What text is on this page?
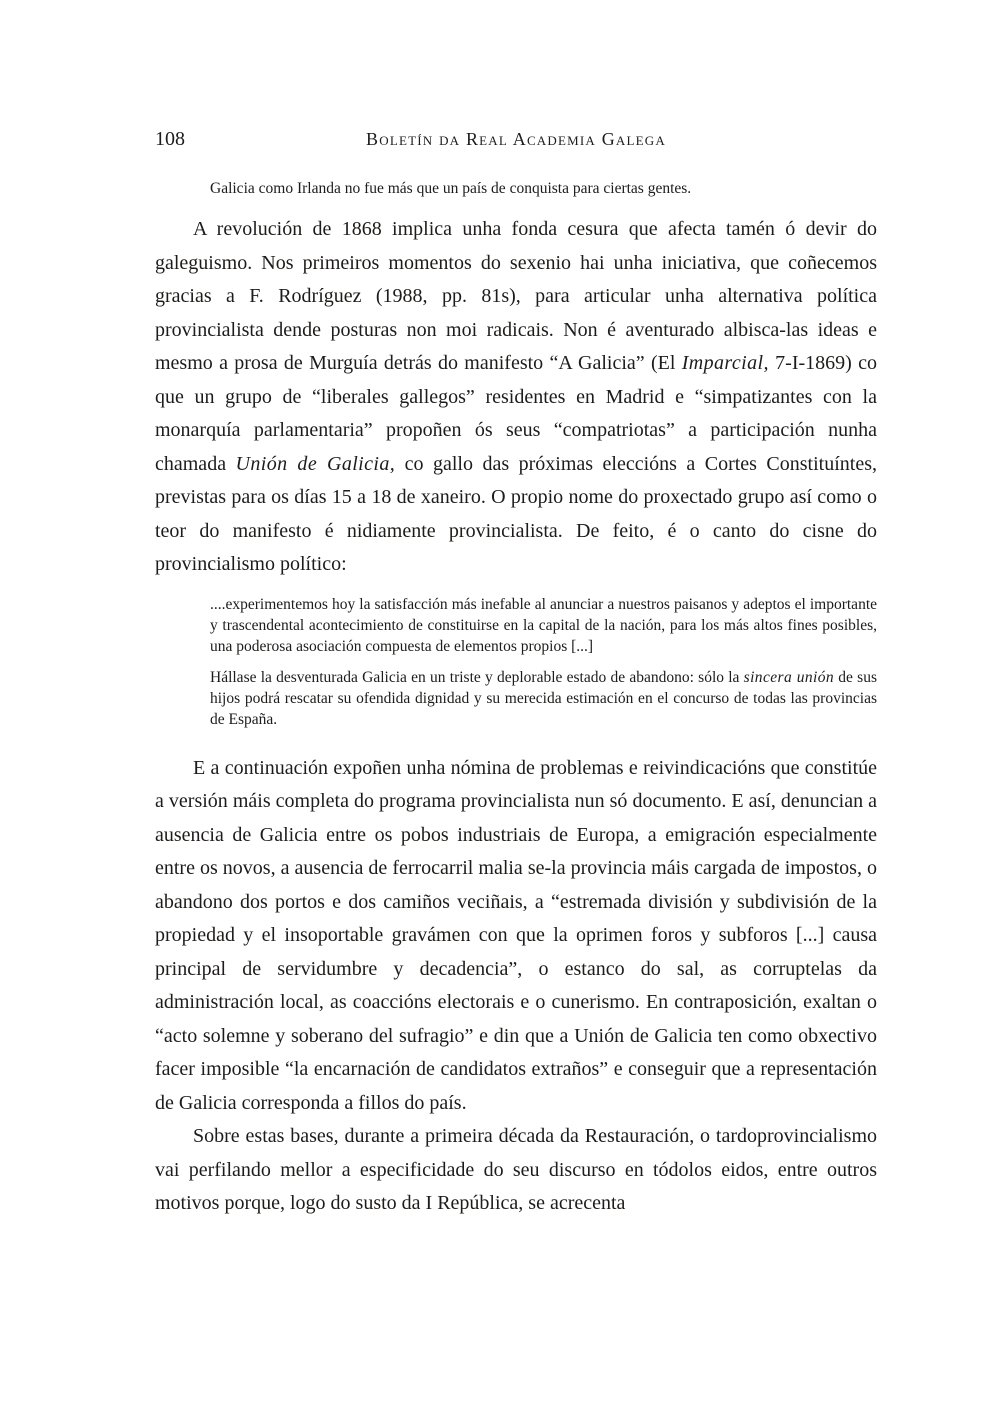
108	Boletín da Real Academia Galega

Galicia como Irlanda no fue más que un país de conquista para ciertas gentes.

A revolución de 1868 implica unha fonda cesura que afecta tamén ó devir do galeguismo. Nos primeiros momentos do sexenio hai unha iniciativa, que coñecemos gracias a F. Rodríguez (1988, pp. 81s), para articular unha alternativa política provincialista dende posturas non moi radicais. Non é aventurado albisca-las ideas e mesmo a prosa de Murguía detrás do manifesto “A Galicia” (El Imparcial, 7-I-1869) co que un grupo de “liberales gallegos” residentes en Madrid e “simpatizantes con la monarquía parlamentaria” propoñen ós seus “compatriotas” a participación nunha chamada Unión de Galicia, co gallo das próximas eleccións a Cortes Constituíntes, previstas para os días 15 a 18 de xaneiro. O propio nome do proxectado grupo así como o teor do manifesto é nidiamente provincialista. De feito, é o canto do cisne do provincialismo político:

....experimentemos hoy la satisfacción más inefable al anunciar a nuestros paisanos y adeptos el importante y trascendental acontecimiento de constituirse en la capital de la nación, para los más altos fines posibles, una poderosa asociación compuesta de elementos propios [...]
Hállase la desventurada Galicia en un triste y deplorable estado de abandono: sólo la sincera unión de sus hijos podrá rescatar su ofendida dignidad y su merecida estimación en el concurso de todas las provincias de España.

E a continuación expoñen unha nómina de problemas e reivindicacións que constitúe a versión máis completa do programa provincialista nun só documento. E así, denuncian a ausencia de Galicia entre os pobos industriais de Europa, a emigración especialmente entre os novos, a ausencia de ferrocarril malia se-la provincia máis cargada de impostos, o abandono dos portos e dos camiños veciñais, a “estremada división y subdivisión de la propiedad y el insoportable gravámen con que la oprimen foros y subforos [...] causa principal de servidumbre y decadencia”, o estanco do sal, as corruptelas da administración local, as coaccións electorais e o cunerismo. En contraposición, exaltan o “acto solemne y soberano del sufragio” e din que a Unión de Galicia ten como obxectivo facer imposible “la encarnación de candidatos extraños” e conseguir que a representación de Galicia corresponda a fillos do país.

Sobre estas bases, durante a primeira década da Restauración, o tardoprovincialismo vai perfilando mellor a especificidade do seu discurso en tódolos eidos, entre outros motivos porque, logo do susto da I República, se acrecenta
